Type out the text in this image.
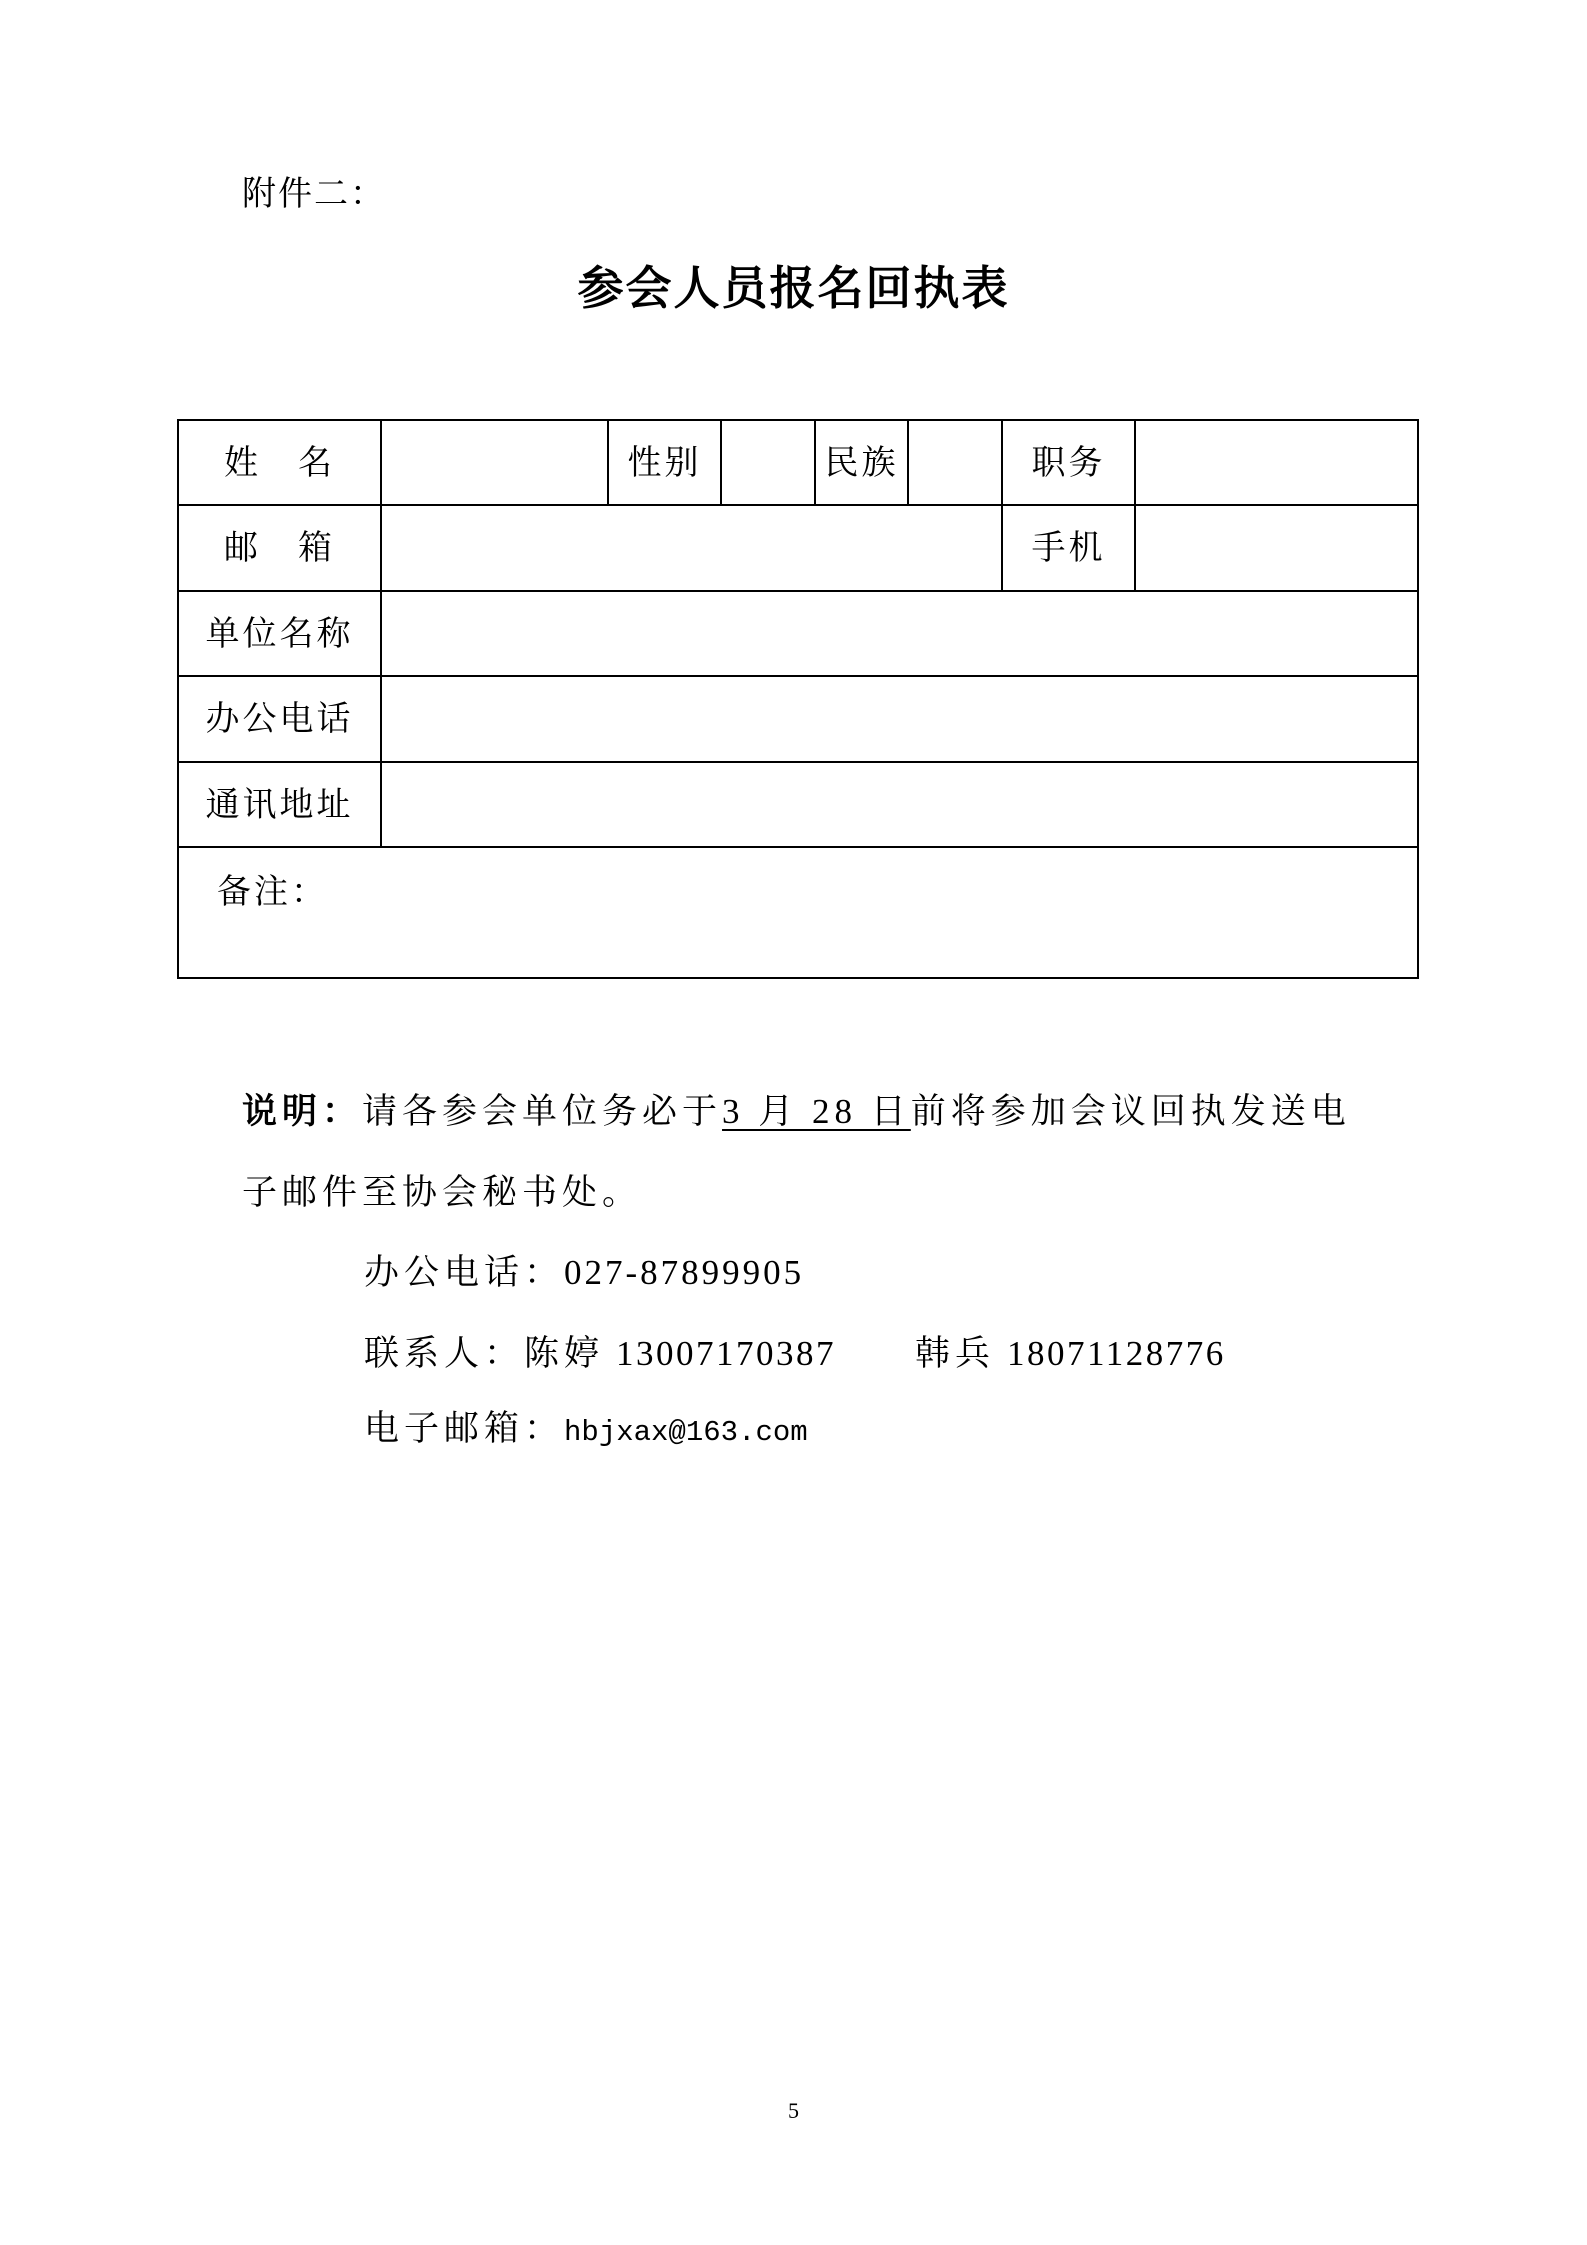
附件二：
参会人员报名回执表
姓　名		性别		民族		职务	
邮　箱						手机	
单位名称							
办公电话							
通讯地址							
备注：							
说明：请各参会单位务必于3 月 28 日前将参加会议回执发送电
子邮件至协会秘书处。
办公电话：027-87899905
联系人：陈婷 13007170387 韩兵 18071128776
电子邮箱：hbjxax@163.com
5
